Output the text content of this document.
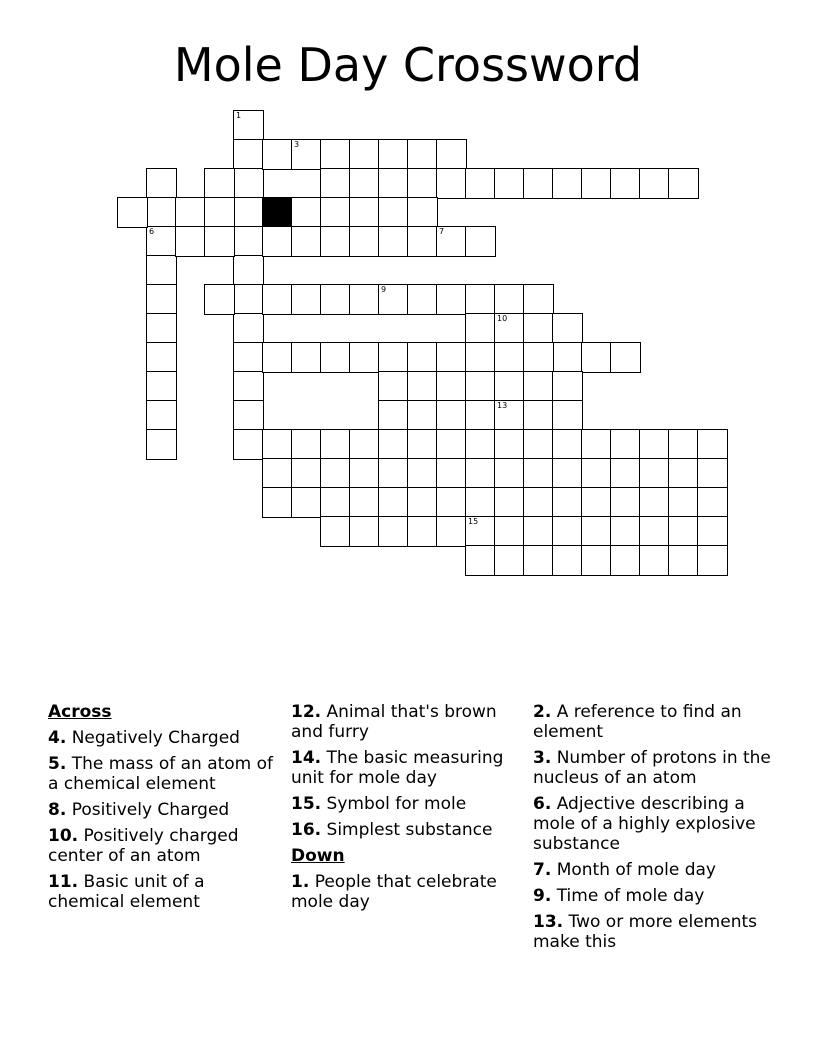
Mole Day Crossword
1
3
6	7
9
10
13
15
Across
4. Negatively Charged
5. The mass of an atom of a chemical element
8. Positively Charged
10. Positively charged center of an atom
11. Basic unit of a chemical element
12. Animal that's brown and furry
14. The basic measuring unit for mole day
15. Symbol for mole
16. Simplest substance
Down
1. People that celebrate mole day
2. A reference to find an element
3. Number of protons in the nucleus of an atom
6. Adjective describing a mole of a highly explosive substance
7. Month of mole day
9. Time of mole day
13. Two or more elements make this
